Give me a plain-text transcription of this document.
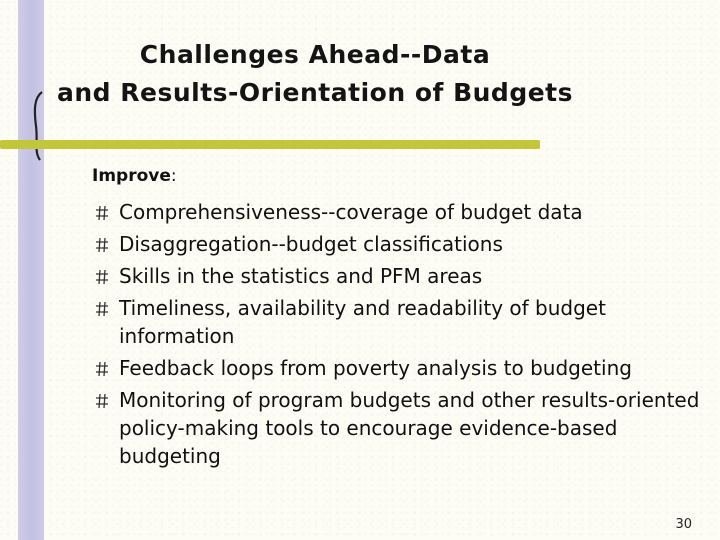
Challenges Ahead--Data
and Results-Orientation of Budgets
Improve:
Comprehensiveness--coverage of budget data
Disaggregation--budget classifications
Skills in the statistics and PFM areas
Timeliness, availability and readability of budget information
Feedback loops from poverty analysis to budgeting
Monitoring of program budgets and other results-oriented policy-making tools to encourage evidence-based budgeting
30
